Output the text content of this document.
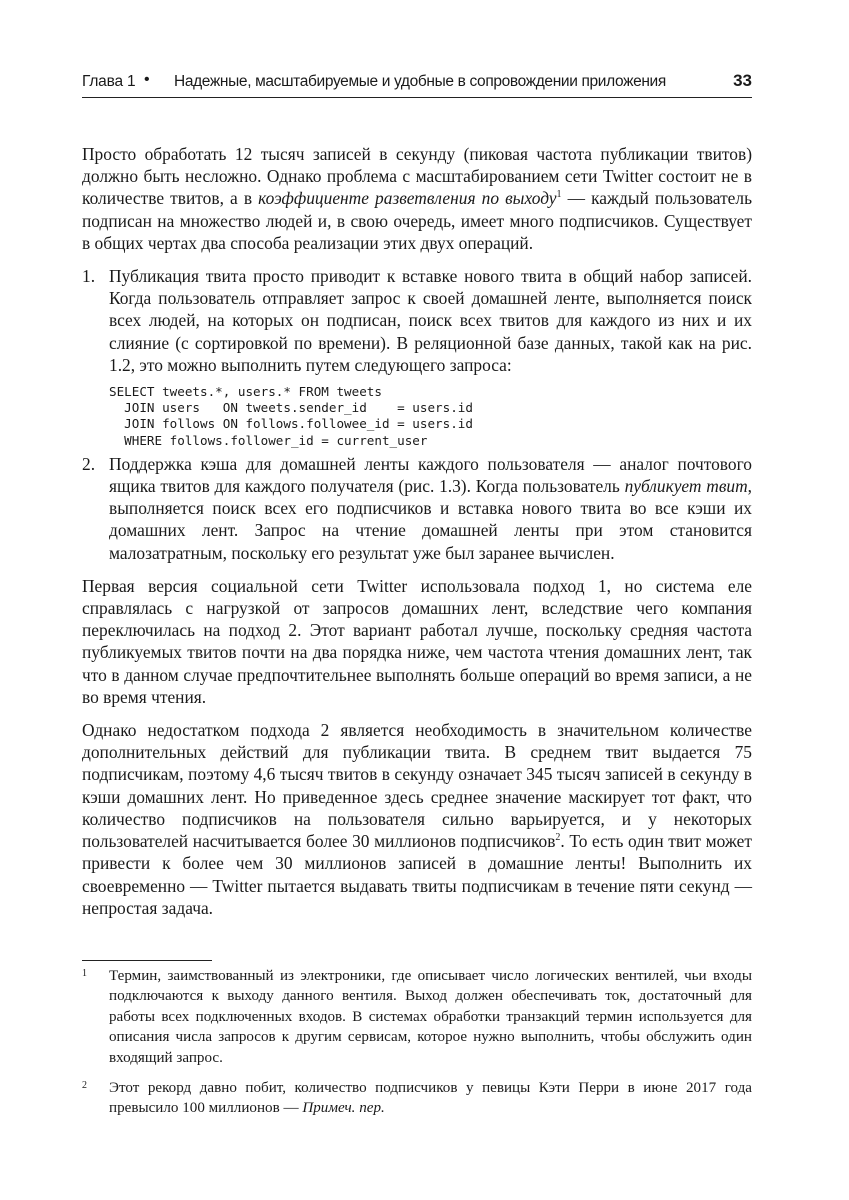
Глава 1 • Надежные, масштабируемые и удобные в сопровождении приложения	33

Просто обработать 12 тысяч записей в секунду (пиковая частота публикации твитов) должно быть несложно. Однако проблема с масштабированием сети Twitter состоит не в количестве твитов, а в коэффициенте разветвления по выходу$^1$ — каждый пользователь подписан на множество людей и, в свою очередь, имеет много подписчиков. Существует в общих чертах два способа реализации этих двух операций.

1. Публикация твита просто приводит к вставке нового твита в общий набор записей. Когда пользователь отправляет запрос к своей домашней ленте, выполняется поиск всех людей, на которых он подписан, поиск всех твитов для каждого из них и их слияние (с сортировкой по времени). В реляционной базе данных, такой как на рис. 1.2, это можно выполнить путем следующего запроса:

SELECT tweets.*, users.* FROM tweets
JOIN users   ON tweets.sender_id    = users.id
JOIN follows ON follows.followee_id = users.id
WHERE follows.follower_id = current_user
2. Поддержка кэша для домашней ленты каждого пользователя — аналог почтового ящика твитов для каждого получателя (рис. 1.3). Когда пользователь публикует твит, выполняется поиск всех его подписчиков и вставка нового твита во все кэши их домашних лент. Запрос на чтение домашней ленты при этом становится малозатратным, поскольку его результат уже был заранее вычислен.

Первая версия социальной сети Twitter использовала подход 1, но система еле справлялась с нагрузкой от запросов домашних лент, вследствие чего компания переключилась на подход 2. Этот вариант работал лучше, поскольку средняя частота публикуемых твитов почти на два порядка ниже, чем частота чтения домашних лент, так что в данном случае предпочтительнее выполнять больше операций во время записи, а не во время чтения.

Однако недостатком подхода 2 является необходимость в значительном количестве дополнительных действий для публикации твита. В среднем твит выдается 75 подписчикам, поэтому 4,6 тысяч твитов в секунду означает 345 тысяч записей в секунду в кэши домашних лент. Но приведенное здесь среднее значение маскирует тот факт, что количество подписчиков на пользователя сильно варьируется, и у некоторых пользователей насчитывается более 30 миллионов подписчиков$^2$. То есть один твит может привести к более чем 30 миллионов записей в домашние ленты! Выполнить их своевременно — Twitter пытается выдавать твиты подписчикам в течение пяти секунд — непростая задача.

1 Термин, заимствованный из электроники, где описывает число логических вентилей, чьи входы подключаются к выходу данного вентиля. Выход должен обеспечивать ток, достаточный для работы всех подключенных входов. В системах обработки транзакций термин используется для описания числа запросов к другим сервисам, которое нужно выполнить, чтобы обслужить один входящий запрос.

2 Этот рекорд давно побит, количество подписчиков у певицы Кэти Перри в июне 2017 года превысило 100 миллионов — Примеч. пер.
